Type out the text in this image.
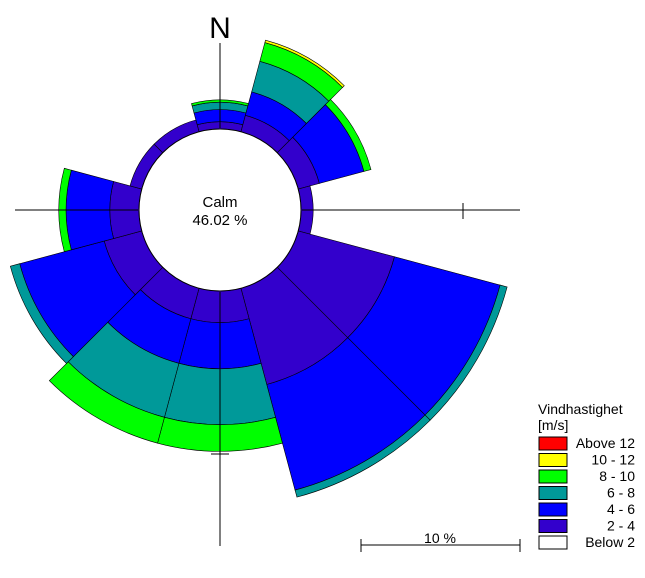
Calm
46.02 %
N
10 %
Vindhastighet
[m/s]
Above 12
10 - 12
8 - 10
6 - 8
4 - 6
2 - 4
Below 2
